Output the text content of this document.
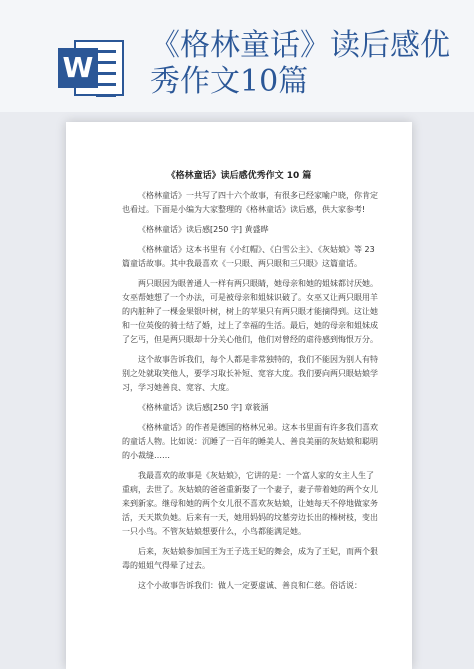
W
《格林童话》读后感优秀作文10篇
《格林童话》读后感优秀作文 10 篇

《格林童话》一共写了四十六个故事，有很多已经家喻户晓，你肯定也看过。下面是小编为大家整理的《格林童话》读后感，供大家参考!

《格林童话》读后感[250 字] 黄盛晔

《格林童话》这本书里有《小红帽》、《白雪公主》、《灰姑娘》等 23 篇童话故事。其中我最喜欢《一只眼、两只眼和三只眼》这篇童话。

两只眼因为眼普通人一样有两只眼睛，她母亲和她的姐妹都讨厌她。女巫帮她想了一个办法，可是被母亲和姐妹识破了。女巫又让两只眼用羊的内脏种了一棵金果银叶树，树上的苹果只有两只眼才能摘得到。这让她和一位英俊的骑士结了婚，过上了幸福的生活。最后，她的母亲和姐妹成了乞丐，但是两只眼却十分关心他们，他们对曾经的虐待感到悔恨万分。

这个故事告诉我们，每个人都是非常独特的，我们不能因为别人有特别之处就取笑他人，要学习取长补短、宽容大度。我们要向两只眼姑娘学习，学习她善良、宽容、大度。

《格林童话》读后感[250 字] 章筱涵

《格林童话》的作者是德国的格林兄弟。这本书里面有许多我们喜欢的童话人物。比如说：沉睡了一百年的睡美人、善良美丽的灰姑娘和聪明的小裁缝……

我最喜欢的故事是《灰姑娘》，它讲的是：一个富人家的女主人生了重病，去世了。灰姑娘的爸爸重新娶了一个妻子，妻子带着她的两个女儿来到新家。继母和她的两个女儿很不喜欢灰姑娘，让她每天不停地做家务活，天天欺负她。后来有一天，她用妈妈的坟墓旁边长出的榛树枝，变出一只小鸟。不管灰姑娘想要什么，小鸟都能满足她。

后来，灰姑娘参加国王为王子选王妃的舞会，成为了王妃，而两个狠毒的姐姐气得晕了过去。

这个小故事告诉我们：做人一定要虚诚、善良和仁慈。俗话说：
